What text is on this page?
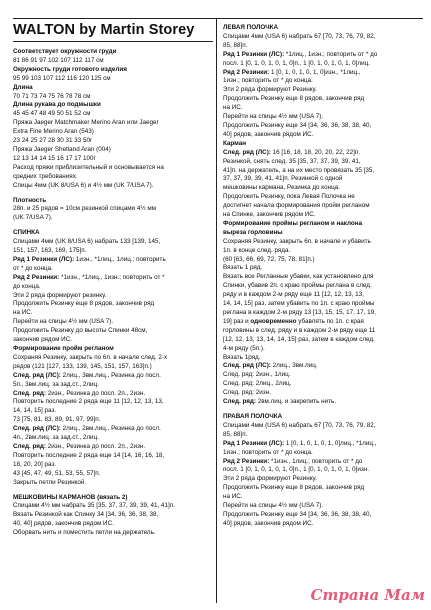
WALTON by Martin Storey
Соответствует окружности груди
81 86 91 97 102 107 112 117 см
Окружность груди готового изделия
95 99 103 107 112 116 120 125 см
Длина
70 71 73 74 75 76 78 78 см
Длина рукава до подмышки
45 45 47 48 49 50 51 52 см
Пряжа Jaeger Matchmaker Merino Aran или Jaeger
Extra Fine Merino Aran (543)
23 24 25 27 28 30 31 33 50г
Пряжа Jaeger Shetland Aran (004)
12 13 14 14 15 16 17 17 100г
Расход пряжи приблизительный и основывается на
средних требованиях.
Спицы 4мм (UK 8/USA 6) и 4½ мм (UK 7/USA 7).
Плотность
28п. и 25 рядов = 10см резинкой спицами 4½ мм
(UK 7/USA 7).
СПИНКА
Спицами 4мм (UK 8/USA 6) набрать 133 [139, 145,
151, 157, 163, 169, 175]п.
Ряд 1 Резинки (ЛС): 1изн., *1лиц., 1лиц.; повторить
от * до конца.
Ряд 2 Резинки: *1изн., *1лиц., 1изн.; повторить от *
до конца.
Эти 2 ряда формируют резинку.
Продолжить Резинку еще 8 рядов, закончив ряд
на ИС.
Перейти на спицы 4½ мм (USA 7).
Продолжить Резинку до высоты Спинки 48см,
закончив рядом ИС.
Формирование пройм регланом
Сохраняя Резинку, закрыть по 6п. в начале след. 2-х
рядов (121 [127, 133, 139, 145, 151, 157, 163]п.)
След. ряд (ЛС): 2лиц., 3вм.лиц., Резинка до посл.
5п., 3вм.лиц. за зад.ст., 2лиц.
След. ряд: 2изн., Резинка до посл. 2п., 2изн.
Повторить последние 2 ряда еще 11 [12, 12, 13, 13,
14, 14, 15] раз.
73 [75, 81, 83, 89, 91, 97, 99]п.
След. ряд (ЛС): 2лиц., 2вм.лиц., Резинка до посл.
4п., 2вм.лиц. за зад.ст., 2лиц.
След. ряд: 2изн., Резинка до посл. 2п., 2изн.
Повторить последние 2 ряда еще 14 [14, 16, 16, 18,
18, 20, 20] раз.
43 [45, 47, 49, 51, 53, 55, 57]п.
Закрыть петли Резинкой.
МЕШКОВИНЫ КАРМАНОВ (вязать 2)
Спицами 4½ мм набрать 35 [35, 37, 37, 39, 39, 41, 41]п.
Вязать Резинкой как Спинку 34 [34, 36, 36, 38, 38,
40, 40] рядов, закончив рядом ИС.
Оборвать нить и поместить петли на держатель.
ЛЕВАЯ ПОЛОЧКА
Спицами 4мм (USA 6) набрать 67 [70, 73, 76, 79, 82,
85, 88]п.
Ряд 1 Резинки (ЛС): *1лиц., 1изн.; повторить от * до
посл. 1 [0, 1, 0, 1, 0, 1, 0]п., 1 [0, 1, 0, 1, 0, 1, 0]лиц.
Ряд 2 Резинки: 1 [0, 1, 0, 1, 0, 1, 0]изн., *1лиц.,
1изн.; повторить от * до конца.
Эти 2 ряда формируют Резинку.
Продолжить Резинку еще 8 рядов, закончив ряд
на ИС.
Перейти на спицы 4½ мм (USA 7).
Продолжить Резинку еще 34 [34, 36, 36, 38, 38, 40,
40] рядов, закончив рядом ИС.
Карман
След. ряд (ЛС): 16 [16, 18, 18, 20, 20, 22, 22]п.
Резинкой, снять след. 35 [35, 37, 37, 39, 39, 41,
41]п. на держатель, а на их место провязать 35 [35,
37, 37, 39, 39, 41, 41]п. Резинкой с одной
мешковины кармана, Резинка до конца.
Продолжить Резинку, пока Левая Полочка не
достигнет начала формирования пройм регланом
на Спинке, закончив рядом ИС.
Формирование проймы регланом и наклона
выреза горловины
Сохраняя Резинку, закрыть 6п. в начале и убавить
1п. в конце след. ряда.
(60 [63, 66, 69, 72, 75, 78, 81]п.)
Вязать 1 ряд.
Вязать все Регланные убавки, как установлено для
Спинки, убавив 2п. с краю проймы реглана в след.
ряду и в каждом 2-м ряду еще 11 [12, 12, 13, 13,
14, 14, 15] раз, затем убавить по 1п. с краю проймы
реглана в каждом 2-м ряду 13 [13, 15, 15, 17, 17, 19,
19] раз и одновременно убавлять по 1п. с края
горловины в след. ряду и в каждом 2-м ряду еще 11
[12, 12, 13, 13, 14, 14, 15] раз, затем в каждом след.
4-м ряду (5п.).
Вязать 1ряд.
След. ряд (ЛС): 2лиц., 3вм.лиц.
След. ряд: 2изн., 1лиц.
След. ряд: 2лиц., 2лиц.
След. ряд: 2изн.
След. ряд: 2вм.лиц. и закрепить нить.
ПРАВАЯ ПОЛОЧКА
Спицами 4мм (USA 6) набрать 67 [70, 73, 76, 79, 82,
85, 88]п.
Ряд 1 Резинки (ЛС): 1 [0, 1, 0, 1, 0, 1, 0]лиц., *1лиц.,
1изн.; повторить от * до конца.
Ряд 2 Резинки: *1изн., 1лиц.; повторить от * до
посл. 1 [0, 1, 0, 1, 0, 1, 0]п., 1 [0, 1, 0, 1, 0, 1, 0]изн.
Эти 2 ряда формируют Резинку.
Продолжить Резинку еще 8 рядов, закончив ряд
на ИС.
Перейти на спицы 4½ мм (USA 7).
Продолжить Резинку еще 34 [34, 36, 36, 38, 38, 40,
40] рядов, закончив рядом ИС.
Страна Мам
